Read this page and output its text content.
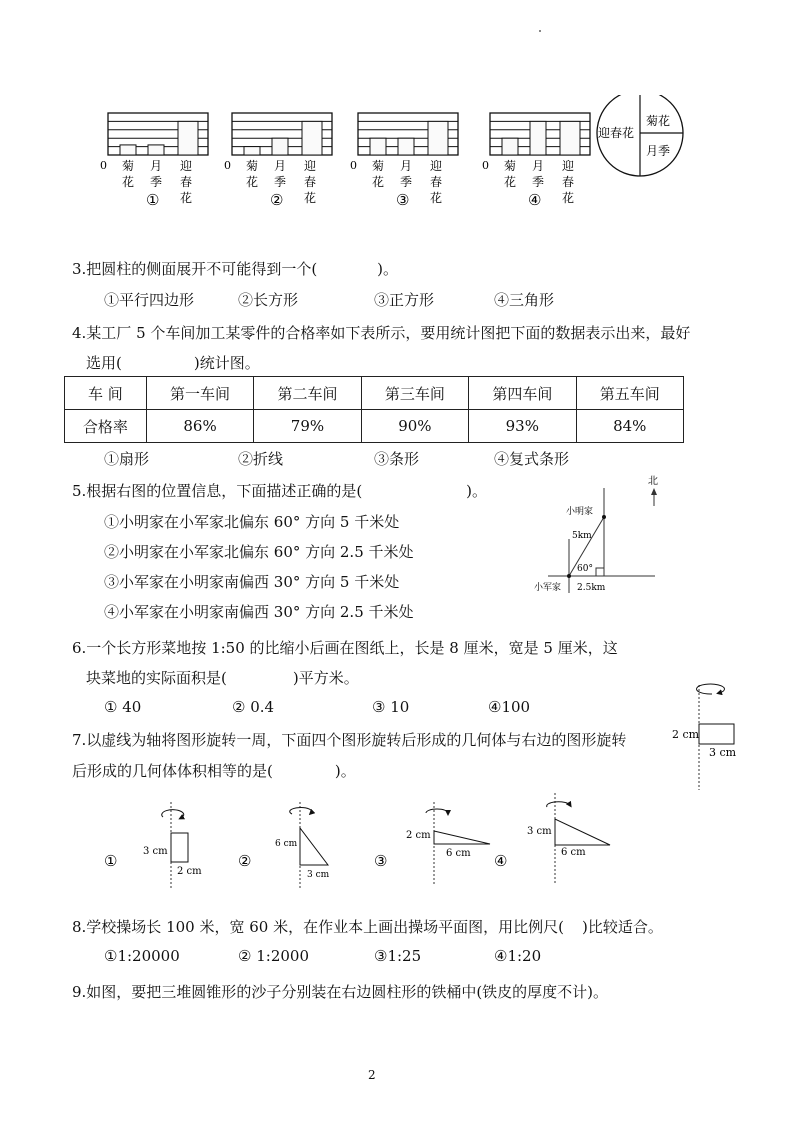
0 菊
花
月
季
迎
春
花
①
0 菊
花
月
季
迎
春
花
②
0 菊
花
月
季
迎
春
花
③
0 菊
花
月
季
迎
春
花
④
迎春花
菊花
月季
3.把圆柱的侧面展开不可能得到一个(	)。
①平行四边形	②长方形	③正方形	④三角形
4.某工厂 5 个车间加工某零件的合格率如下表所示，要用统计图把下面的数据表示出来，最好
选用(	)统计图。
车 间	第一车间	第二车间	第三车间	第四车间	第五车间
合格率	86%	79%	90%	93%	84%
①扇形	②折线	③条形	④复式条形
5.根据右图的位置信息，下面描述正确的是(	)。
①小明家在小军家北偏东 60° 方向 5 千米处
②小明家在小军家北偏东 60° 方向 2.5 千米处
③小军家在小明家南偏西 30° 方向 5 千米处
④小军家在小明家南偏西 30° 方向 2.5 千米处
北
小明家
5km
60°
小军家 2.5km
6.一个长方形菜地按 1:50 的比缩小后画在图纸上，长是 8 厘米，宽是 5 厘米，这
块菜地的实际面积是(	)平方米。
① 40	② 0.4	③ 10	④100
7.以虚线为轴将图形旋转一周，下面四个图形旋转后形成的几何体与右边的图形旋转
后形成的几何体体积相等的是(	)。
2 cm
3 cm
①
3 cm
2 cm
②
6 cm
3 cm
③
2 cm
6 cm ④
3 cm
6 cm
8.学校操场长 100 米，宽 60 米，在作业本上画出操场平面图，用比例尺( )比较适合。
①1:20000	② 1:2000	③1:25	④1:20
9.如图，要把三堆圆锥形的沙子分别装在右边圆柱形的铁桶中(铁皮的厚度不计)。
2
